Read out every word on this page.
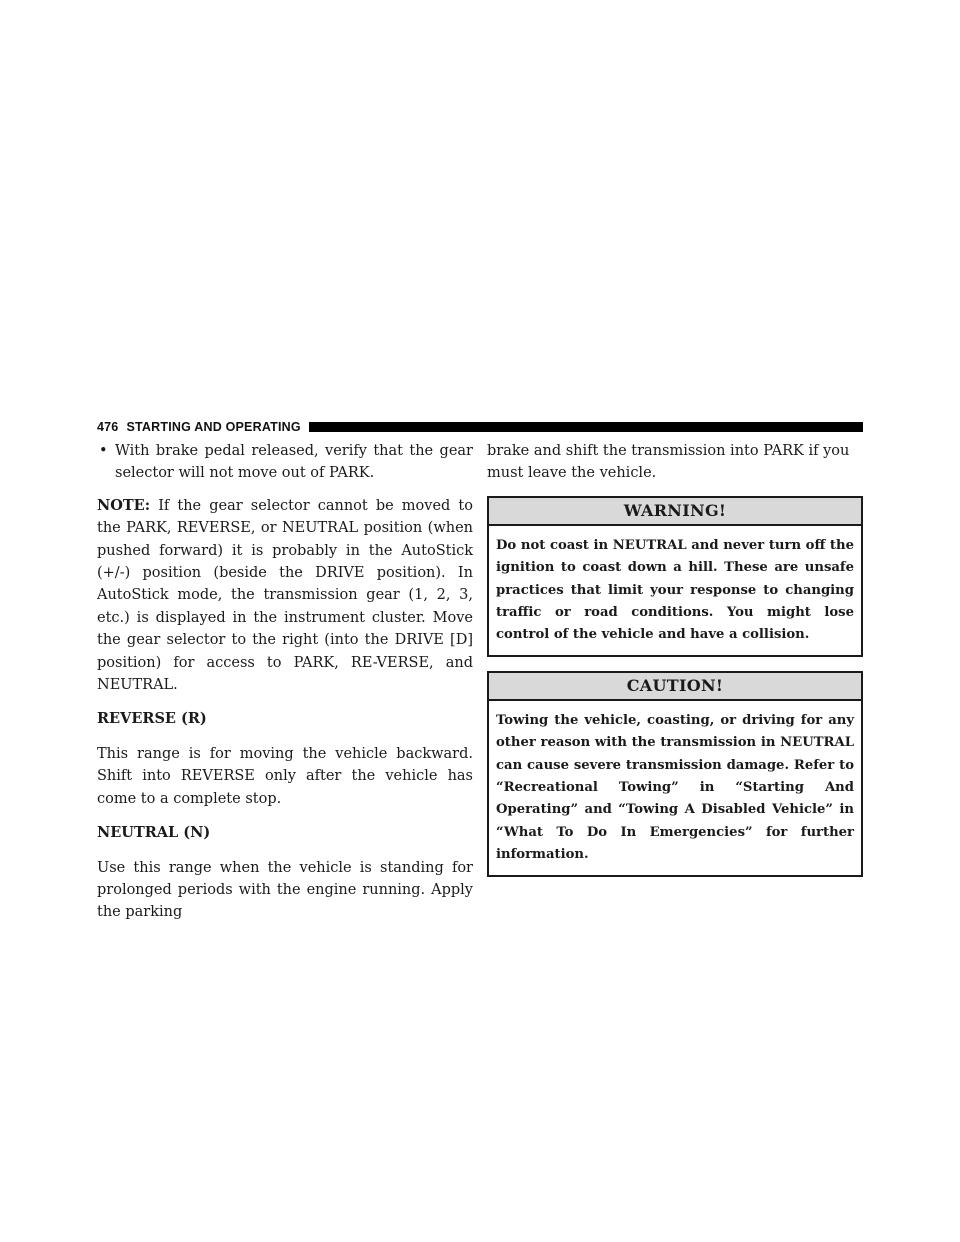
476 STARTING AND OPERATING
• With brake pedal released, verify that the gear selector will not move out of PARK.

NOTE: If the gear selector cannot be moved to the PARK, REVERSE, or NEUTRAL position (when pushed forward) it is probably in the AutoStick (+/-) position (beside the DRIVE position). In AutoStick mode, the transmission gear (1, 2, 3, etc.) is displayed in the instrument cluster. Move the gear selector to the right (into the DRIVE [D] position) for access to PARK, RE-VERSE, and NEUTRAL.

REVERSE (R)

This range is for moving the vehicle backward. Shift into REVERSE only after the vehicle has come to a complete stop.

NEUTRAL (N)

Use this range when the vehicle is standing for prolonged periods with the engine running. Apply the parking

brake and shift the transmission into PARK if you must leave the vehicle.

WARNING!
Do not coast in NEUTRAL and never turn off the ignition to coast down a hill. These are unsafe practices that limit your response to changing traffic or road conditions. You might lose control of the vehicle and have a collision.
CAUTION!
Towing the vehicle, coasting, or driving for any other reason with the transmission in NEUTRAL can cause severe transmission damage. Refer to “Recreational Towing” in “Starting And Operating” and “Towing A Disabled Vehicle” in “What To Do In Emergencies” for further information.
